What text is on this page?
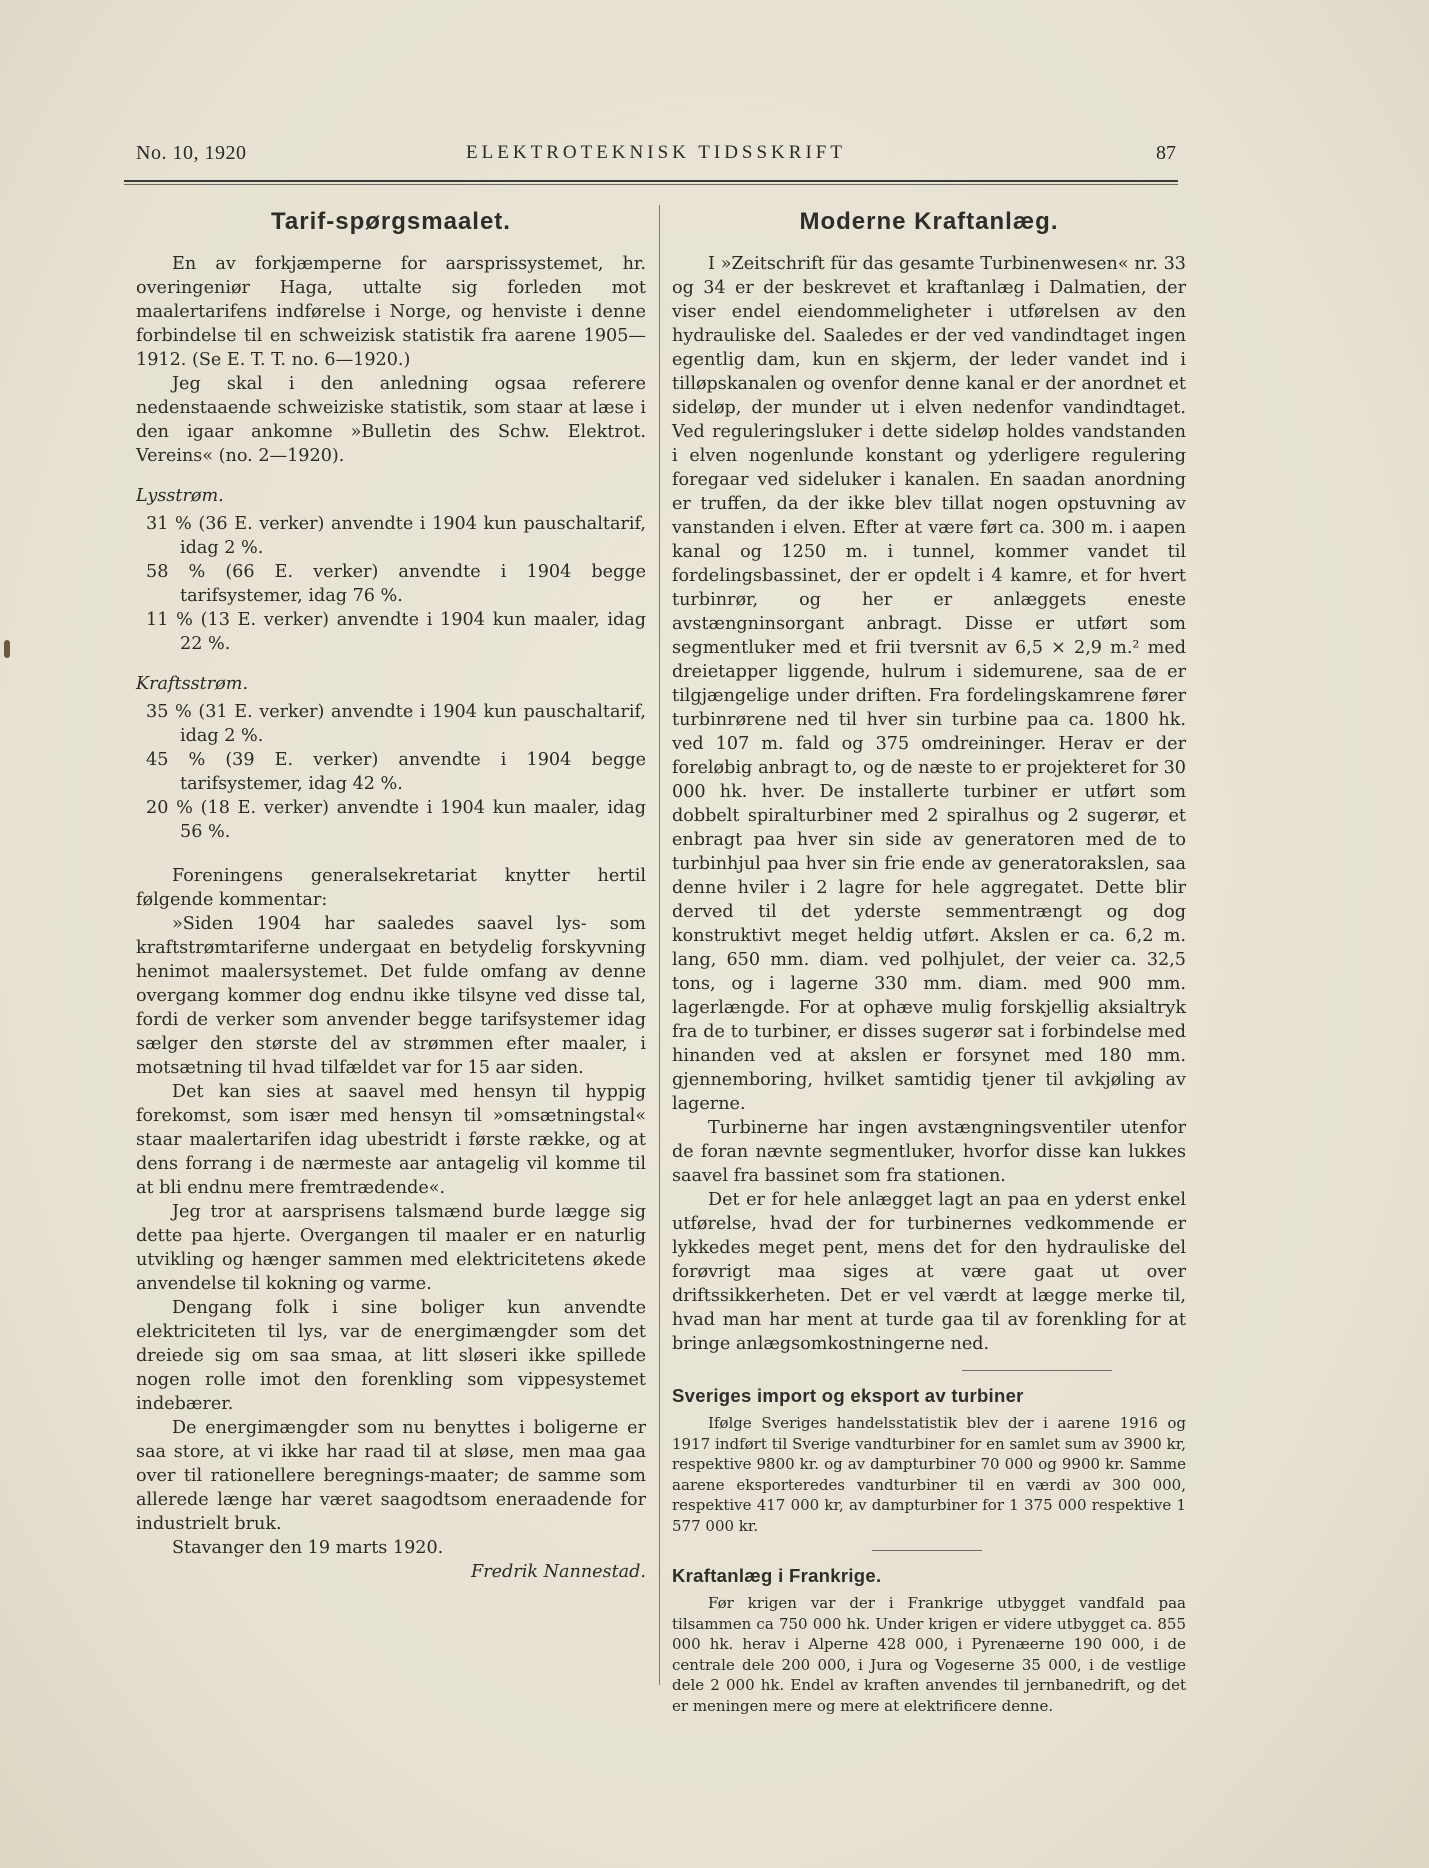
No. 10, 1920	ELEKTROTEKNISK TIDSSKRIFT	87
Tarif-spørgsmaalet.

En av forkjæmperne for aarsprissystemet, hr. overingeniør Haga, uttalte sig forleden mot maalertarifens indførelse i Norge, og henviste i denne forbindelse til en schweizisk statistik fra aarene 1905—1912. (Se E. T. T. no. 6—1920.)

Jeg skal i den anledning ogsaa referere nedenstaaende schweiziske statistik, som staar at læse i den igaar ankomne »Bulletin des Schw. Elektrot. Vereins« (no. 2—1920).

Lysstrøm.

31 % (36 E. verker) anvendte i 1904 kun pauschaltarif, idag 2 %.

58 % (66 E. verker) anvendte i 1904 begge tarifsystemer, idag 76 %.

11 % (13 E. verker) anvendte i 1904 kun maaler, idag 22 %.

Kraftsstrøm.

35 % (31 E. verker) anvendte i 1904 kun pauschaltarif, idag 2 %.

45 % (39 E. verker) anvendte i 1904 begge tarifsystemer, idag 42 %.

20 % (18 E. verker) anvendte i 1904 kun maaler, idag 56 %.

Foreningens generalsekretariat knytter hertil følgende kommentar:

»Siden 1904 har saaledes saavel lys- som kraftstrømtariferne undergaat en betydelig forskyvning henimot maalersystemet. Det fulde omfang av denne overgang kommer dog endnu ikke tilsyne ved disse tal, fordi de verker som anvender begge tarifsystemer idag sælger den største del av strømmen efter maaler, i motsætning til hvad tilfældet var for 15 aar siden.

Det kan sies at saavel med hensyn til hyppig forekomst, som især med hensyn til »omsætningstal« staar maalertarifen idag ubestridt i første række, og at dens forrang i de nærmeste aar antagelig vil komme til at bli endnu mere fremtrædende«.

Jeg tror at aarsprisens talsmænd burde lægge sig dette paa hjerte. Overgangen til maaler er en naturlig utvikling og hænger sammen med elektricitetens økede anvendelse til kokning og varme.

Dengang folk i sine boliger kun anvendte elektriciteten til lys, var de energimængder som det dreiede sig om saa smaa, at litt sløseri ikke spillede nogen rolle imot den forenkling som vippesystemet indebærer.

De energimængder som nu benyttes i boligerne er saa store, at vi ikke har raad til at sløse, men maa gaa over til rationellere beregnings-maater; de samme som allerede længe har været saagodtsom eneraadende for industrielt bruk.

Stavanger den 19 marts 1920.

Fredrik Nannestad.

Moderne Kraftanlæg.

I »Zeitschrift für das gesamte Turbinenwesen« nr. 33 og 34 er der beskrevet et kraftanlæg i Dalmatien, der viser endel eiendommeligheter i utførelsen av den hydrauliske del. Saaledes er der ved vandindtaget ingen egentlig dam, kun en skjerm, der leder vandet ind i tilløpskanalen og ovenfor denne kanal er der anordnet et sideløp, der munder ut i elven nedenfor vandindtaget. Ved reguleringsluker i dette sideløp holdes vandstanden i elven nogenlunde konstant og yderligere regulering foregaar ved sideluker i kanalen. En saadan anordning er truffen, da der ikke blev tillat nogen opstuvning av vanstanden i elven. Efter at være ført ca. 300 m. i aapen kanal og 1250 m. i tunnel, kommer vandet til fordelingsbassinet, der er opdelt i 4 kamre, et for hvert turbinrør, og her er anlæggets eneste avstængninsorgant anbragt. Disse er utført som segmentluker med et frii tversnit av 6,5 × 2,9 m.² med dreietapper liggende, hulrum i sidemurene, saa de er tilgjængelige under driften. Fra fordelingskamrene fører turbinrørene ned til hver sin turbine paa ca. 1800 hk. ved 107 m. fald og 375 omdreininger. Herav er der foreløbig anbragt to, og de næste to er projekteret for 30 000 hk. hver. De installerte turbiner er utført som dobbelt spiralturbiner med 2 spiralhus og 2 sugerør, et enbragt paa hver sin side av generatoren med de to turbinhjul paa hver sin frie ende av generatorakslen, saa denne hviler i 2 lagre for hele aggregatet. Dette blir derved til det yderste semmentrængt og dog konstruktivt meget heldig utført. Akslen er ca. 6,2 m. lang, 650 mm. diam. ved polhjulet, der veier ca. 32,5 tons, og i lagerne 330 mm. diam. med 900 mm. lagerlængde. For at ophæve mulig forskjellig aksialtryk fra de to turbiner, er disses sugerør sat i forbindelse med hinanden ved at akslen er forsynet med 180 mm. gjennemboring, hvilket samtidig tjener til avkjøling av lagerne.

Turbinerne har ingen avstængningsventiler utenfor de foran nævnte segmentluker, hvorfor disse kan lukkes saavel fra bassinet som fra stationen.

Det er for hele anlægget lagt an paa en yderst enkel utførelse, hvad der for turbinernes vedkommende er lykkedes meget pent, mens det for den hydrauliske del forøvrigt maa siges at være gaat ut over driftssikkerheten. Det er vel værdt at lægge merke til, hvad man har ment at turde gaa til av forenkling for at bringe anlægsomkostningerne ned.

Sveriges import og eksport av turbiner

Ifølge Sveriges handelsstatistik blev der i aarene 1916 og 1917 indført til Sverige vandturbiner for en samlet sum av 3900 kr, respektive 9800 kr. og av dampturbiner 70 000 og 9900 kr. Samme aarene eksporteredes vandturbiner til en værdi av 300 000, respektive 417 000 kr, av dampturbiner for 1 375 000 respektive 1 577 000 kr.

Kraftanlæg i Frankrige.

Før krigen var der i Frankrige utbygget vandfald paa tilsammen ca 750 000 hk. Under krigen er videre utbygget ca. 855 000 hk. herav i Alperne 428 000, i Pyrenæerne 190 000, i de centrale dele 200 000, i Jura og Vogeserne 35 000, i de vestlige dele 2 000 hk. Endel av kraften anvendes til jernbanedrift, og det er meningen mere og mere at elektrificere denne.
